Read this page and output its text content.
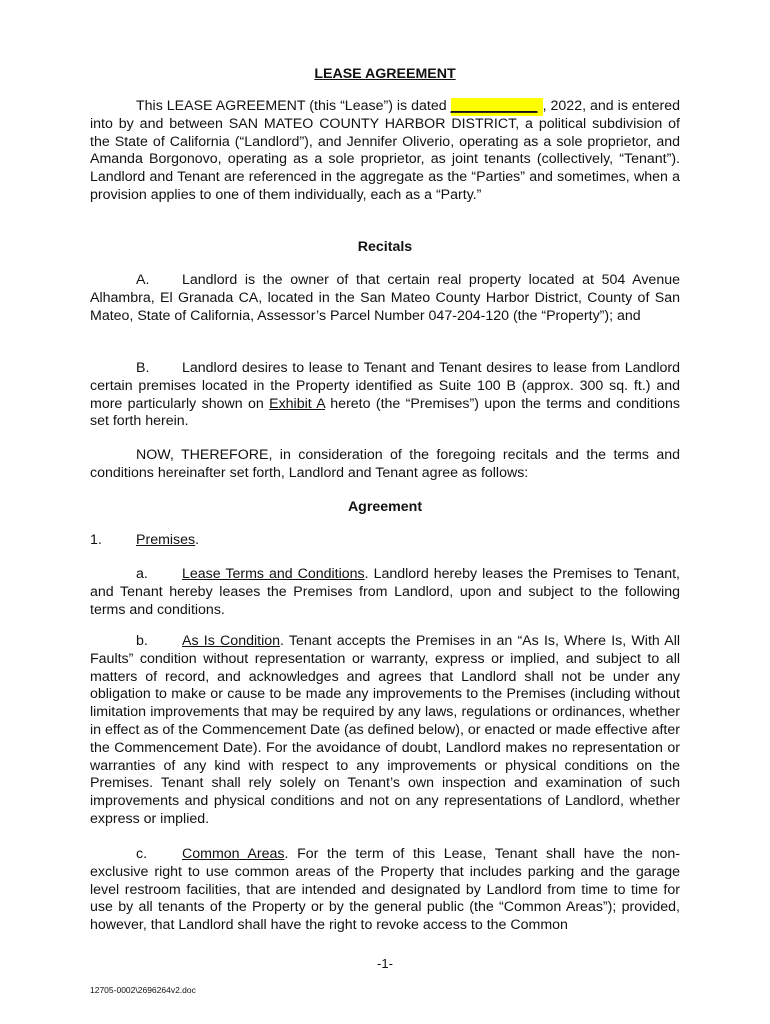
LEASE AGREEMENT

This LEASE AGREEMENT (this “Lease”) is dated ___________ , 2022, and is entered into by and between SAN MATEO COUNTY HARBOR DISTRICT, a political subdivision of the State of California (“Landlord”), and Jennifer Oliverio, operating as a sole proprietor, and Amanda Borgonovo, operating as a sole proprietor, as joint tenants (collectively, “Tenant”). Landlord and Tenant are referenced in the aggregate as the “Parties” and sometimes, when a provision applies to one of them individually, each as a “Party.”

Recitals

A. Landlord is the owner of that certain real property located at 504 Avenue Alhambra, El Granada CA, located in the San Mateo County Harbor District, County of San Mateo, State of California, Assessor’s Parcel Number 047-204-120 (the “Property”); and

B. Landlord desires to lease to Tenant and Tenant desires to lease from Landlord certain premises located in the Property identified as Suite 100 B (approx. 300 sq. ft.) and more particularly shown on Exhibit A hereto (the “Premises”) upon the terms and conditions set forth herein.

NOW, THEREFORE, in consideration of the foregoing recitals and the terms and conditions hereinafter set forth, Landlord and Tenant agree as follows:

Agreement

1. Premises.

a. Lease Terms and Conditions. Landlord hereby leases the Premises to Tenant, and Tenant hereby leases the Premises from Landlord, upon and subject to the following terms and conditions.

b. As Is Condition. Tenant accepts the Premises in an “As Is, Where Is, With All Faults” condition without representation or warranty, express or implied, and subject to all matters of record, and acknowledges and agrees that Landlord shall not be under any obligation to make or cause to be made any improvements to the Premises (including without limitation improvements that may be required by any laws, regulations or ordinances, whether in effect as of the Commencement Date (as defined below), or enacted or made effective after the Commencement Date). For the avoidance of doubt, Landlord makes no representation or warranties of any kind with respect to any improvements or physical conditions on the Premises. Tenant shall rely solely on Tenant’s own inspection and examination of such improvements and physical conditions and not on any representations of Landlord, whether express or implied.

c. Common Areas. For the term of this Lease, Tenant shall have the non-exclusive right to use common areas of the Property that includes parking and the garage level restroom facilities, that are intended and designated by Landlord from time to time for use by all tenants of the Property or by the general public (the “Common Areas”); provided, however, that Landlord shall have the right to revoke access to the Common

-1-
12705-0002\2696264v2.doc
